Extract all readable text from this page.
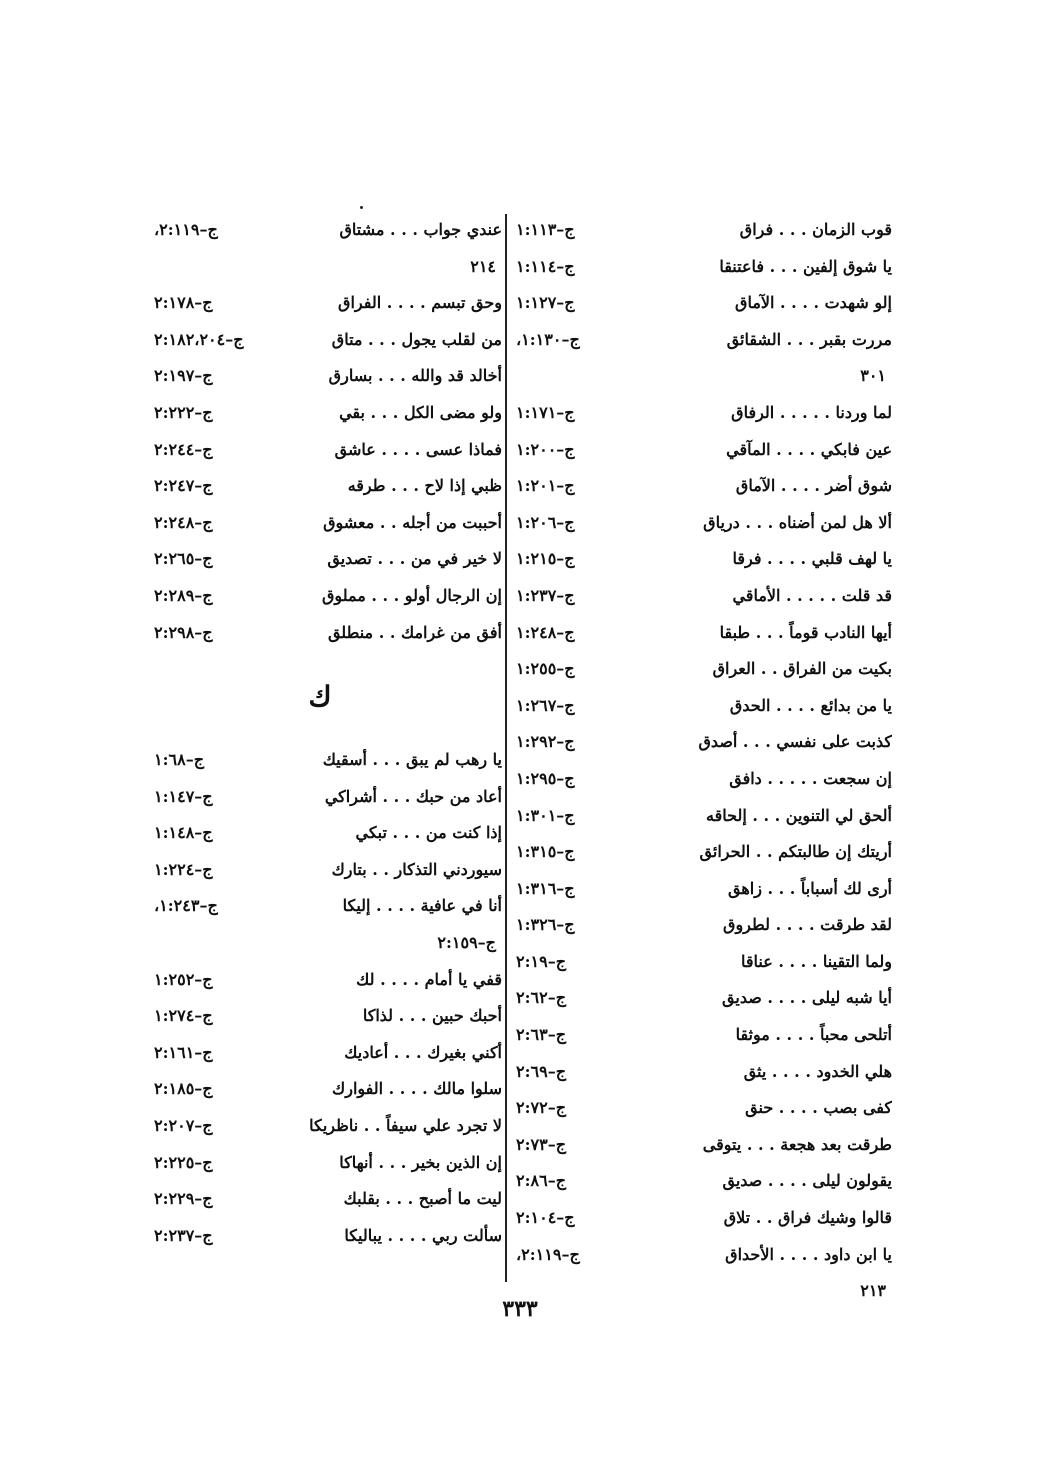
قوب الزمان . . . فراق
ج–١:١١٣
يا شوق إلفين . . . فاعتنقا
ج–١:١١٤
إلو شهدت . . . . الآماق
ج–١:١٢٧
مررت بقبر . . . الشقائق
ج–١:١٣٠،
٣٠١
لما وردنا . . . . . الرفاق
ج–١:١٧١
عين فابكي . . . . المآقي
ج–١:٢٠٠
شوق أضر . . . . الآماق
ج–١:٢٠١
ألا هل لمن أضناه . . . درياق
ج–١:٢٠٦
يا لهف قلبي . . . . فرقا
ج–١:٢١٥
قد قلت . . . . . الأماقي
ج–١:٢٣٧
أيها النادب قوماً . . . طبقا
ج–١:٢٤٨
بكيت من الفراق . . العراق
ج–١:٢٥٥
يا من بدائع . . . . الحدق
ج–١:٢٦٧
كذبت على نفسي . . . أصدق
ج–١:٢٩٢
إن سجعت . . . . . دافق
ج–١:٢٩٥
ألحق لي التنوين . . . إلحاقه
ج–١:٣٠١
أريتك إن طالبتكم . . الحرائق
ج–١:٣١٥
أرى لك أسباباً . . . زاهق
ج–١:٣١٦
لقد طرقت . . . . لطروق
ج–١:٣٢٦
ولما التقينا . . . . عناقا
ج–٢:١٩
أيا شبه ليلى . . . . صديق
ج–٢:٦٢
أتلحى محباً . . . . موثقا
ج–٢:٦٣
هلي الخدود . . . . يثق
ج–٢:٦٩
كفى بصب . . . . حنق
ج–٢:٧٢
طرقت بعد هجعة . . . يتوقى
ج–٢:٧٣
يقولون ليلى . . . . صديق
ج–٢:٨٦
قالوا وشيك فراق . . تلاق
ج–٢:١٠٤
يا ابن داود . . . . الأحداق
ج–٢:١١٩،
٢١٣
عندي جواب . . . مشتاق
ج–٢:١١٩،
٢١٤
وحق تبسم . . . . الفراق
ج–٢:١٧٨
من لقلب يجول . . . متاق
ج–٢:١٨٢،٢٠٤
أخالد قد والله . . . بسارق
ج–٢:١٩٧
ولو مضى الكل . . . بقي
ج–٢:٢٢٢
فماذا عسى . . . . عاشق
ج–٢:٢٤٤
ظبي إذا لاح . . . طرقه
ج–٢:٢٤٧
أحببت من أجله . . معشوق
ج–٢:٢٤٨
لا خير في من . . . تصديق
ج–٢:٢٦٥
إن الرجال أولو . . . مملوق
ج–٢:٢٨٩
أفق من غرامك . . منطلق
ج–٢:٢٩٨
ك
يا رهب لم يبق . . . أسقيك
ج–١:٦٨
أعاد من حبك . . . أشراكي
ج–١:١٤٧
إذا كنت من . . . تبكي
ج–١:١٤٨
سيوردني التذكار . . بتارك
ج–١:٢٢٤
أنا في عافية . . . . إليكا
ج–١:٢٤٣،
ج–٢:١٥٩
قفي يا أمام . . . . لك
ج–١:٢٥٢
أحبك حبين . . . لذاكا
ج–١:٢٧٤
أكني بغيرك . . . أعاديك
ج–٢:١٦١
سلوا مالك . . . . الفوارك
ج–٢:١٨٥
لا تجرد علي سيفاً . . ناظريكا
ج–٢:٢٠٧
إن الذين بخير . . . أنهاكا
ج–٢:٢٢٥
ليت ما أصبح . . . بقلبك
ج–٢:٢٢٩
سألت ربي . . . . يباليكا
ج–٢:٢٣٧
٣٣٣
